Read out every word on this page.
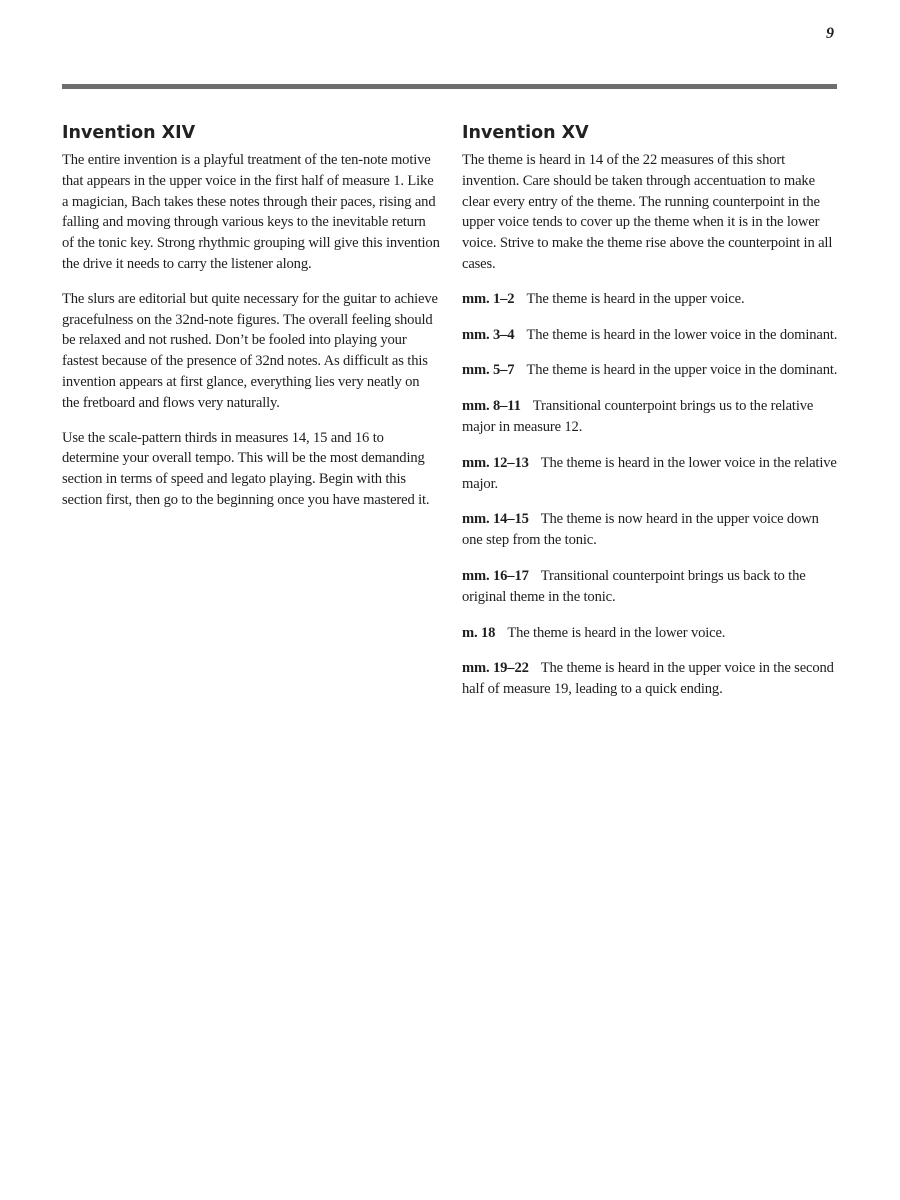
9
Invention XIV

The entire invention is a playful treatment of the ten-note motive that appears in the upper voice in the first half of measure 1. Like a magician, Bach takes these notes through their paces, rising and falling and moving through various keys to the inevitable return of the tonic key. Strong rhythmic grouping will give this invention the drive it needs to carry the listener along.

The slurs are editorial but quite necessary for the guitar to achieve gracefulness on the 32nd-note figures. The overall feeling should be relaxed and not rushed. Don’t be fooled into playing your fastest because of the presence of 32nd notes. As difficult as this invention appears at first glance, everything lies very neatly on the fretboard and flows very naturally.

Use the scale-pattern thirds in measures 14, 15 and 16 to determine your overall tempo. This will be the most demanding section in terms of speed and legato playing. Begin with this section first, then go to the beginning once you have mastered it.

Invention XV

The theme is heard in 14 of the 22 measures of this short invention. Care should be taken through accentuation to make clear every entry of the theme. The running counterpoint in the upper voice tends to cover up the theme when it is in the lower voice. Strive to make the theme rise above the counterpoint in all cases.

mm. 1–2 The theme is heard in the upper voice.

mm. 3–4 The theme is heard in the lower voice in the dominant.

mm. 5–7 The theme is heard in the upper voice in the dominant.

mm. 8–11 Transitional counterpoint brings us to the relative major in measure 12.

mm. 12–13 The theme is heard in the lower voice in the relative major.

mm. 14–15 The theme is now heard in the upper voice down one step from the tonic.

mm. 16–17 Transitional counterpoint brings us back to the original theme in the tonic.

m. 18 The theme is heard in the lower voice.

mm. 19–22 The theme is heard in the upper voice in the second half of measure 19, leading to a quick ending.
